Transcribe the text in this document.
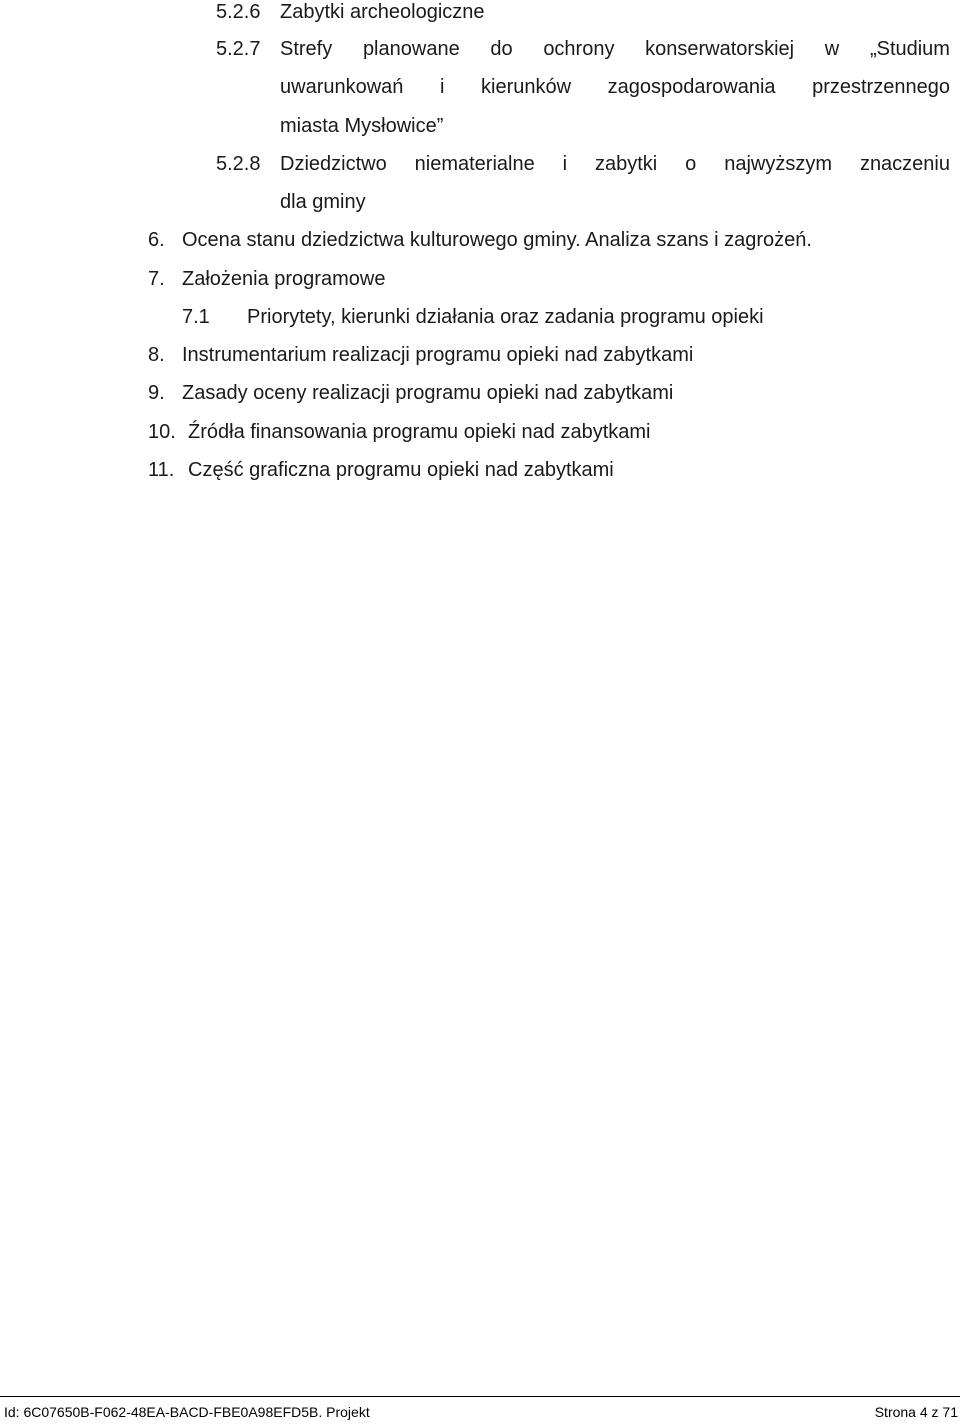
5.2.6 Zabytki archeologiczne
5.2.7 Strefy planowane do ochrony konserwatorskiej w „Studium
uwarunkowań i kierunków zagospodarowania przestrzennego
miasta Mysłowice”
5.2.8 Dziedzictwo niematerialne i zabytki o najwyższym znaczeniu
dla gminy
6. Ocena stanu dziedzictwa kulturowego gminy. Analiza szans i zagrożeń.
7. Założenia programowe
7.1 Priorytety, kierunki działania oraz zadania programu opieki
8. Instrumentarium realizacji programu opieki nad zabytkami
9. Zasady oceny realizacji programu opieki nad zabytkami
10. Źródła finansowania programu opieki nad zabytkami
11. Część graficzna programu opieki nad zabytkami
Id: 6C07650B-F062-48EA-BACD-FBE0A98EFD5B. Projekt	Strona 4 z 71
